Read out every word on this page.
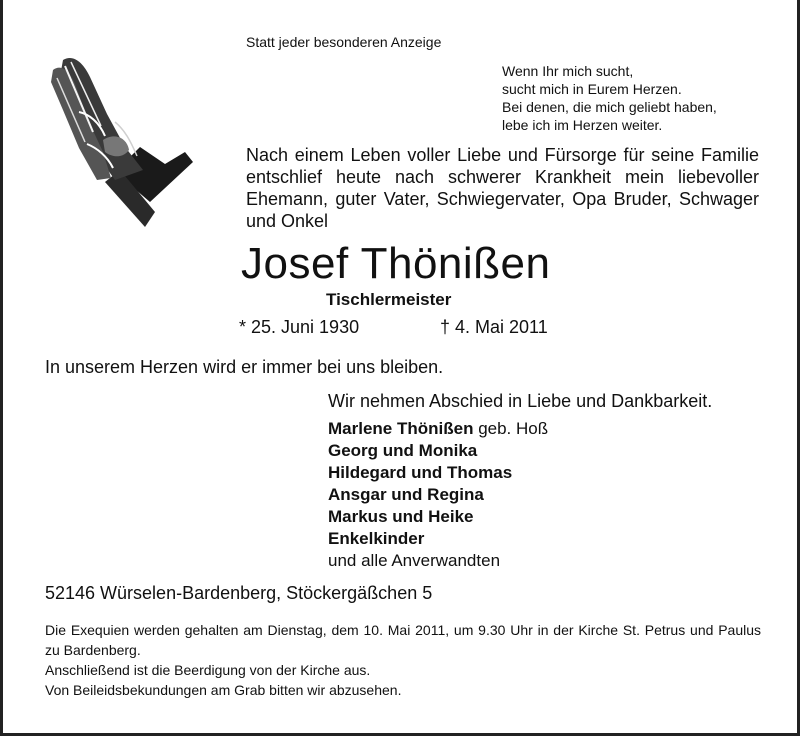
Statt jeder besonderen Anzeige
Wenn Ihr mich sucht,
sucht mich in Eurem Herzen.
Bei denen, die mich geliebt haben,
lebe ich im Herzen weiter.
Nach einem Leben voller Liebe und Fürsorge für seine Familie entschlief heute nach schwerer Krankheit mein liebevoller Ehemann, guter Vater, Schwiegervater, Opa Bruder, Schwager und Onkel
Josef Thönißen
Tischlermeister
* 25. Juni 1930	† 4. Mai 2011
In unserem Herzen wird er immer bei uns bleiben.
Wir nehmen Abschied in Liebe und Dankbarkeit.
Marlene Thönißen geb. Hoß
Georg und Monika
Hildegard und Thomas
Ansgar und Regina
Markus und Heike
Enkelkinder
und alle Anverwandten
52146 Würselen-Bardenberg, Stöckergäßchen 5

Die Exequien werden gehalten am Dienstag, dem 10. Mai 2011, um 9.30 Uhr in der Kirche St. Petrus und Paulus zu Bardenberg.

Anschließend ist die Beerdigung von der Kirche aus.

Von Beileidsbekundungen am Grab bitten wir abzusehen.
